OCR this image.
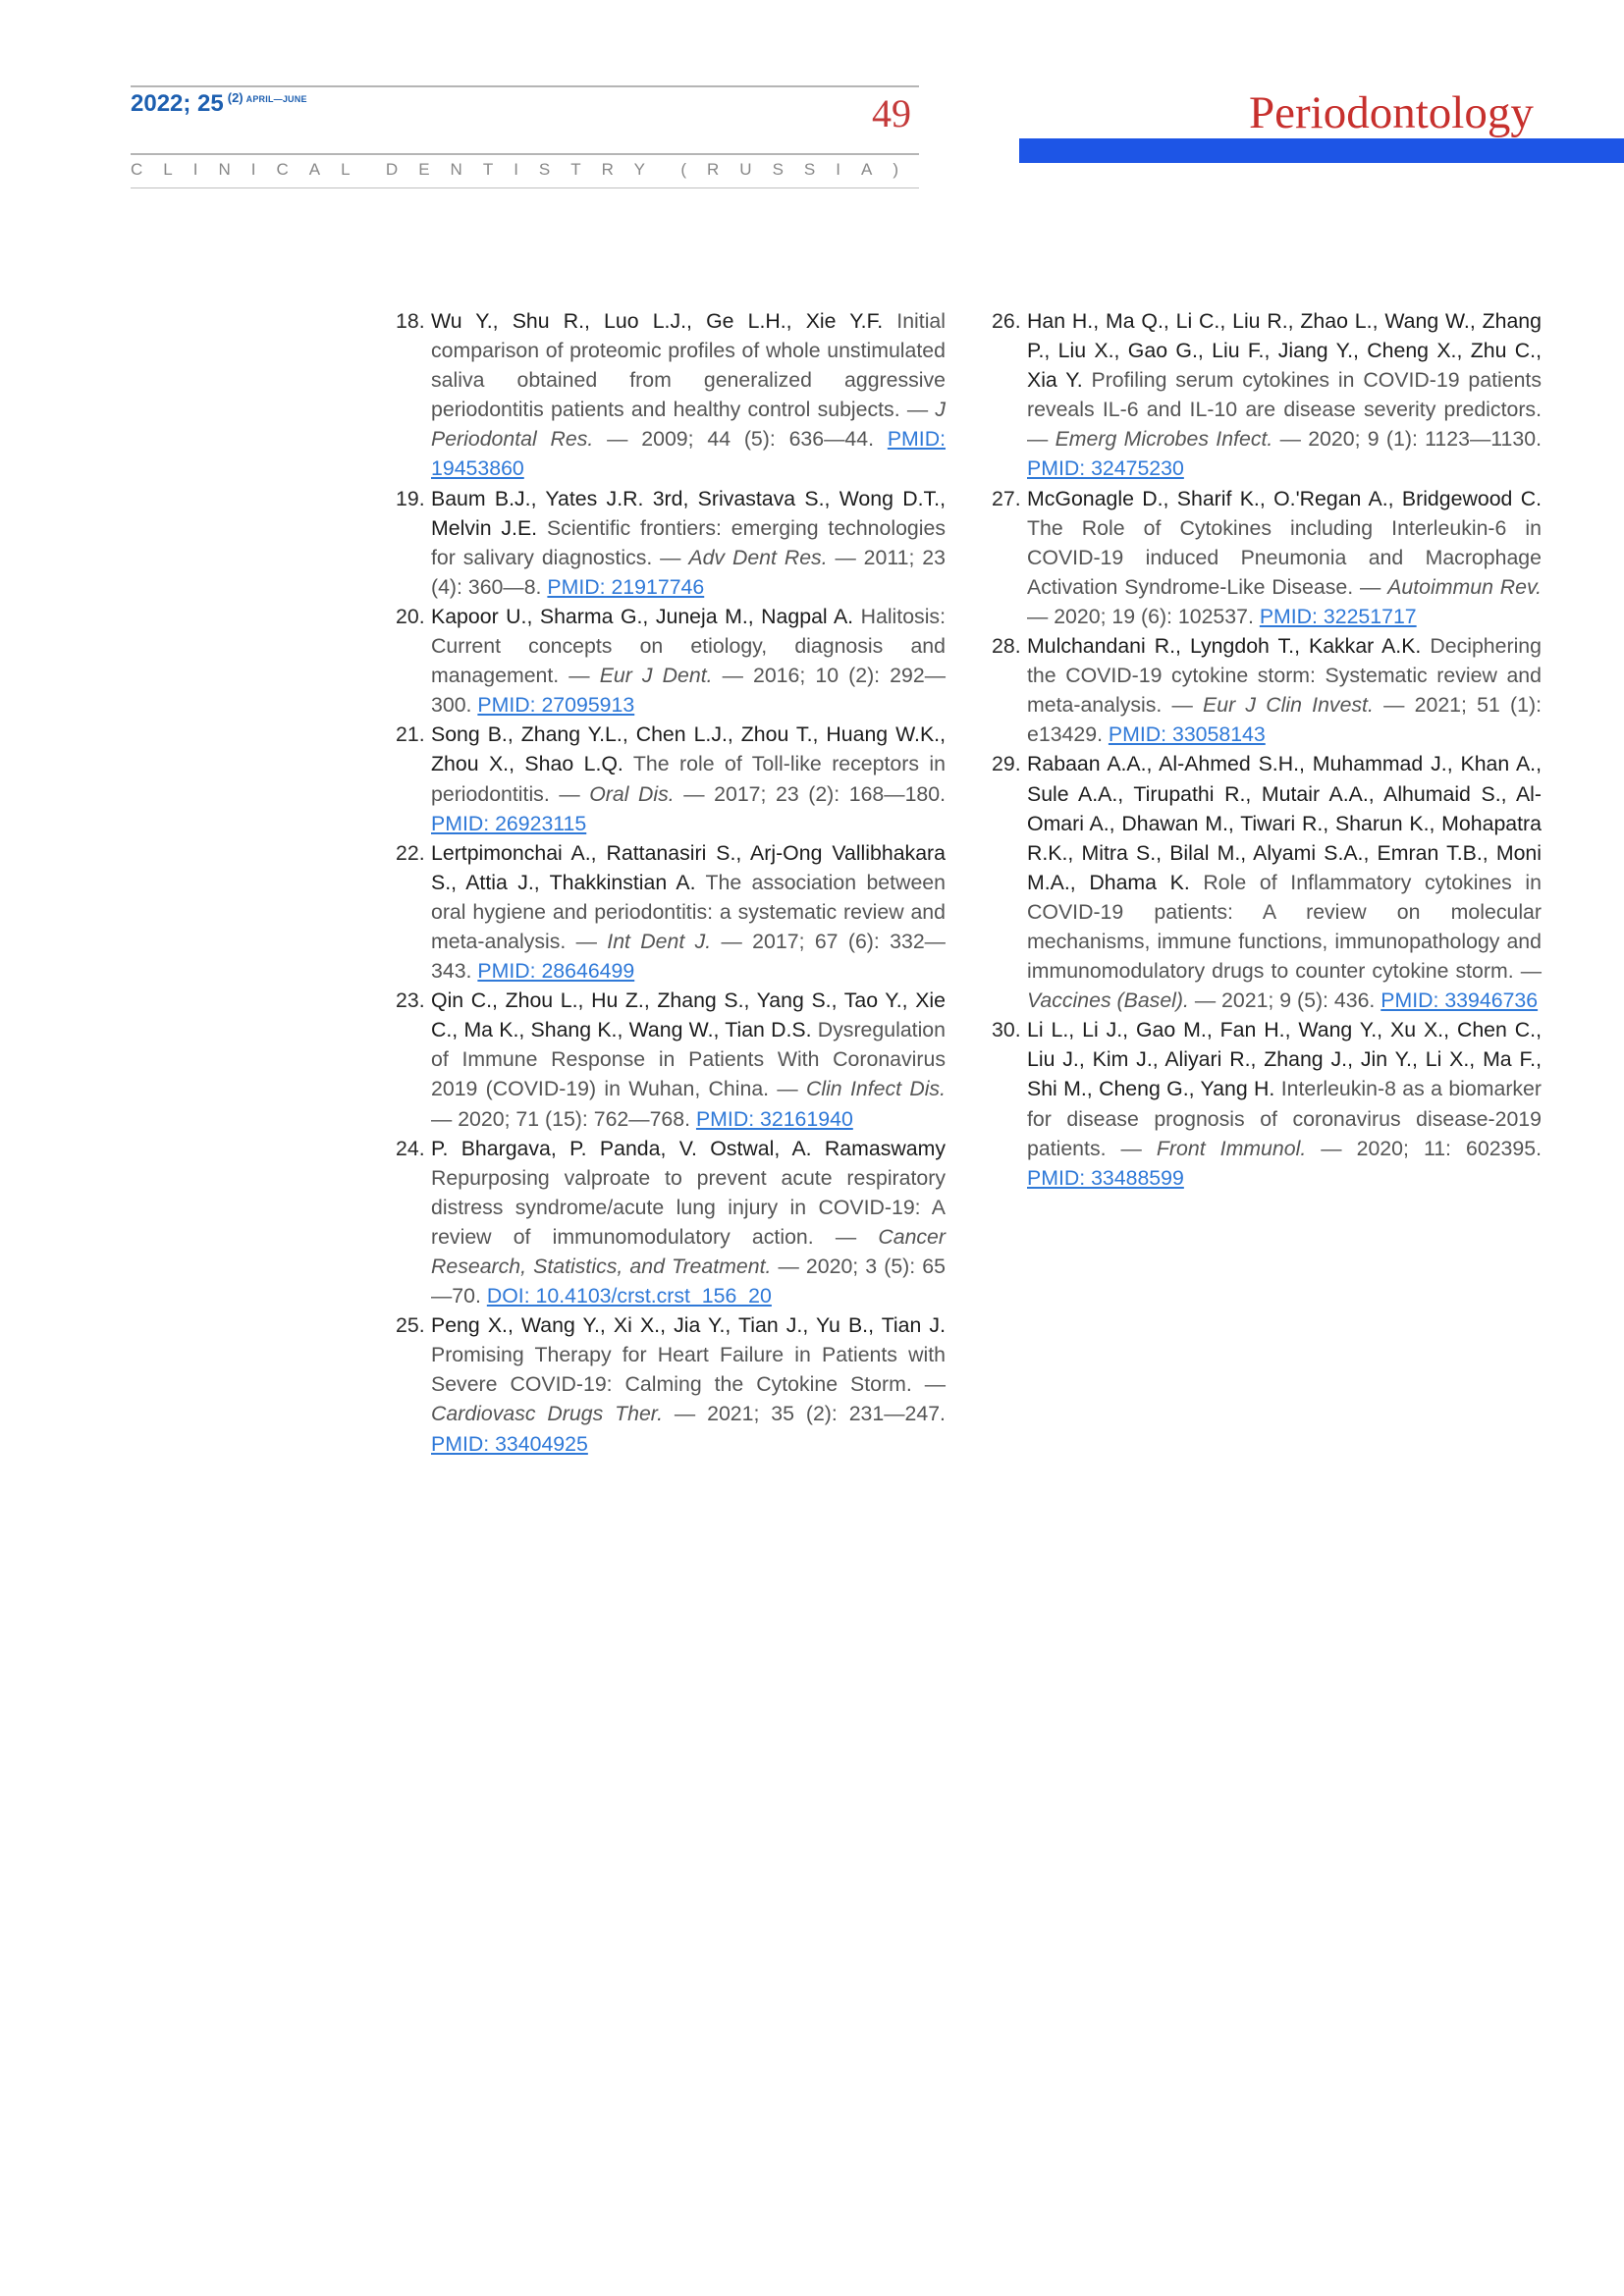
2022; 25 $^{(2)}$ $^{APRIL—JUNE}$	49
CLINICAL DENTISTRY (RUSSIA)
Periodontology
18. Wu Y., Shu R., Luo L.J., Ge L.H., Xie Y.F. Initial comparison of proteomic profiles of whole unstimulated saliva obtained from generalized aggressive periodontitis patients and healthy control subjects. — J Periodontal Res. — 2009; 44 (5): 636—44. PMID: 19453860
19. Baum B.J., Yates J.R. 3rd, Srivastava S., Wong D.T., Melvin J.E. Scientific frontiers: emerging technologies for salivary diagnostics. — Adv Dent Res. — 2011; 23 (4): 360—8. PMID: 21917746
20. Kapoor U., Sharma G., Juneja M., Nagpal A. Halitosis: Current concepts on etiology, diagnosis and management. — Eur J Dent. — 2016; 10 (2): 292—300. PMID: 27095913
21. Song B., Zhang Y.L., Chen L.J., Zhou T., Huang W.K., Zhou X., Shao L.Q. The role of Toll-like receptors in periodontitis. — Oral Dis. — 2017; 23 (2): 168—180. PMID: 26923115
22. Lertpimonchai A., Rattanasiri S., Arj-Ong Vallibhakara S., Attia J., Thakkinstian A. The association between oral hygiene and periodontitis: a systematic review and meta-analysis. — Int Dent J. — 2017; 67 (6): 332—343. PMID: 28646499
23. Qin C., Zhou L., Hu Z., Zhang S., Yang S., Tao Y., Xie C., Ma K., Shang K., Wang W., Tian D.S. Dysregulation of Immune Response in Patients With Coronavirus 2019 (COVID-19) in Wuhan, China. — Clin Infect Dis. — 2020; 71 (15): 762—768. PMID: 32161940
24. P. Bhargava, P. Panda, V. Ostwal, A. Ramaswamy Repurposing valproate to prevent acute respiratory distress syndrome/acute lung injury in COVID-19: A review of immunomodulatory action. — Cancer Research, Statistics, and Treatment. — 2020; 3 (5): 65—70. DOI: 10.4103/crst.crst_156_20
25. Peng X., Wang Y., Xi X., Jia Y., Tian J., Yu B., Tian J. Promising Therapy for Heart Failure in Patients with Severe COVID-19: Calming the Cytokine Storm. — Cardiovasc Drugs Ther. — 2021; 35 (2): 231—247. PMID: 33404925
26. Han H., Ma Q., Li C., Liu R., Zhao L., Wang W., Zhang P., Liu X., Gao G., Liu F., Jiang Y., Cheng X., Zhu C., Xia Y. Profiling serum cytokines in COVID-19 patients reveals IL-6 and IL-10 are disease severity predictors. — Emerg Microbes Infect. — 2020; 9 (1): 1123—1130. PMID: 32475230
27. McGonagle D., Sharif K., O.'Regan A., Bridgewood C. The Role of Cytokines including Interleukin-6 in COVID-19 induced Pneumonia and Macrophage Activation Syndrome-Like Disease. — Autoimmun Rev. — 2020; 19 (6): 102537. PMID: 32251717
28. Mulchandani R., Lyngdoh T., Kakkar A.K. Deciphering the COVID-19 cytokine storm: Systematic review and meta-analysis. — Eur J Clin Invest. — 2021; 51 (1): e13429. PMID: 33058143
29. Rabaan A.A., Al-Ahmed S.H., Muhammad J., Khan A., Sule A.A., Tirupathi R., Mutair A.A., Alhumaid S., Al-Omari A., Dhawan M., Tiwari R., Sharun K., Mohapatra R.K., Mitra S., Bilal M., Alyami S.A., Emran T.B., Moni M.A., Dhama K. Role of Inflammatory cytokines in COVID-19 patients: A review on molecular mechanisms, immune functions, immunopathology and immunomodulatory drugs to counter cytokine storm. — Vaccines (Basel). — 2021; 9 (5): 436. PMID: 33946736
30. Li L., Li J., Gao M., Fan H., Wang Y., Xu X., Chen C., Liu J., Kim J., Aliyari R., Zhang J., Jin Y., Li X., Ma F., Shi M., Cheng G., Yang H. Interleukin-8 as a biomarker for disease prognosis of coronavirus disease-2019 patients. — Front Immunol. — 2020; 11: 602395. PMID: 33488599
